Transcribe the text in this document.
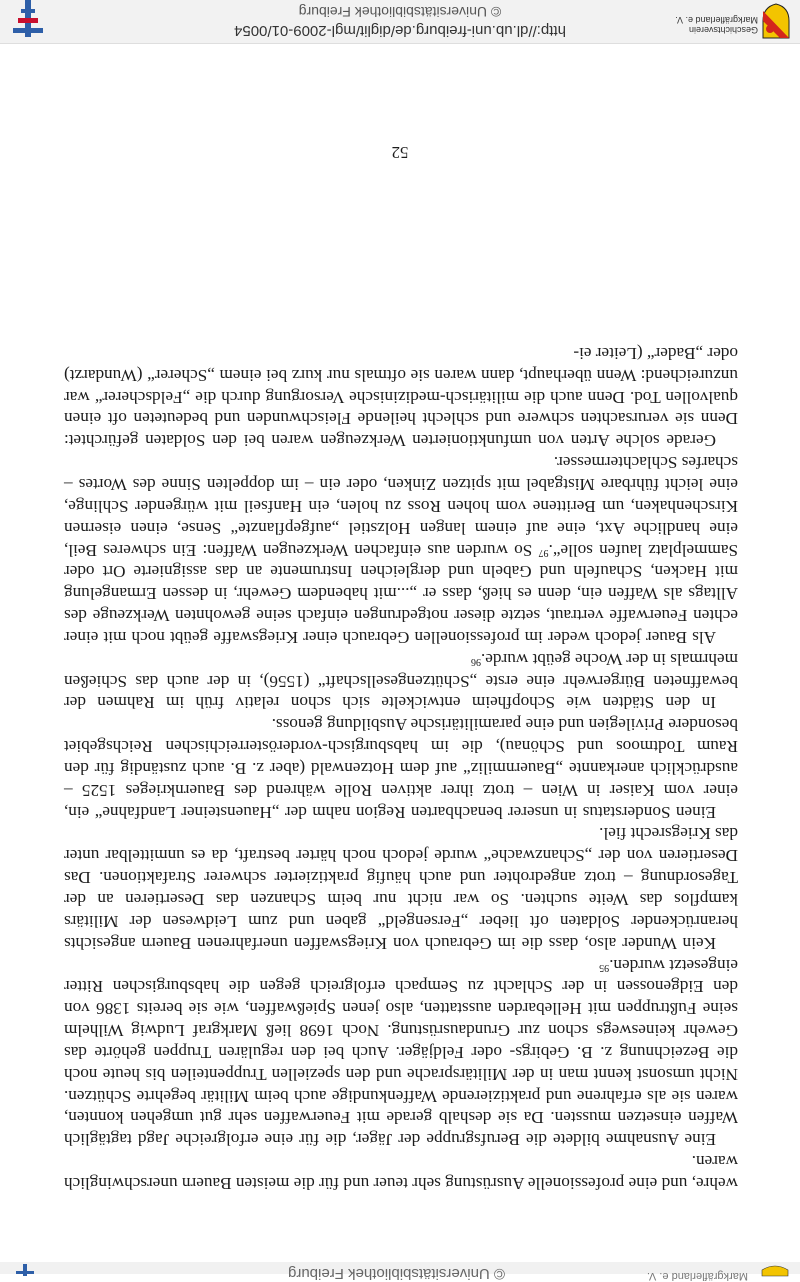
© Universitätsbibliothek Freiburg	Markgräflerland e. V.

wehre, und eine professionelle Ausrüstung sehr teuer und für die meisten Bauern unerschwinglich waren.

Eine Ausnahme bildete die Berufsgruppe der Jäger, die für eine erfolgreiche Jagd tagtäglich Waffen einsetzen mussten. Da sie deshalb gerade mit Feuerwaffen sehr gut umgehen konnten, waren sie als erfahrene und praktizierende Waffenkundige auch beim Militär begehrte Schützen. Nicht umsonst kennt man in der Militärsprache und den speziellen Truppenteilen bis heute noch die Bezeichnung z. B. Gebirgs- oder Feldjäger. Auch bei den regulären Truppen gehörte das Gewehr keineswegs schon zur Grundausrüstung. Noch 1698 ließ Markgraf Ludwig Wilhelm seine Fußtruppen mit Hellebarden ausstatten, also jenen Spießwaffen, wie sie bereits 1386 von den Eidgenossen in der Schlacht zu Sempach erfolgreich gegen die habsburgischen Ritter eingesetzt wurden.$^{95}$

Kein Wunder also, dass die im Gebrauch von Kriegswaffen unerfahrenen Bauern angesichts heranrückender Soldaten oft lieber „Fersengeld“ gaben und zum Leidwesen der Militärs kampflos das Weite suchten. So war nicht nur beim Schanzen das Desertieren an der Tagesordnung – trotz angedrohter und auch häufig praktizierter schwerer Strafaktionen. Das Desertieren von der „Schanzwache“ wurde jedoch noch härter bestraft, da es unmittelbar unter das Kriegsrecht fiel.

Einen Sonderstatus in unserer benachbarten Region nahm der „Hauensteiner Landfahne“ ein, einer vom Kaiser in Wien – trotz ihrer aktiven Rolle während des Bauernkrieges 1525 – ausdrücklich anerkannte „Bauernmiliz“ auf dem Hotzenwald (aber z. B. auch zuständig für den Raum Todtmoos und Schönau), die im habsburgisch-vorderösterreichischen Reichsgebiet besondere Privilegien und eine paramilitärische Ausbildung genoss.

In den Städten wie Schopfheim entwickelte sich schon relativ früh im Rahmen der bewaffneten Bürgerwehr eine erste „Schützengesellschaft“ (1556), in der auch das Schießen mehrmals in der Woche geübt wurde.$^{96}$

Als Bauer jedoch weder im professionellen Gebrauch einer Kriegswaffe geübt noch mit einer echten Feuerwaffe vertraut, setzte dieser notgedrungen einfach seine gewohnten Werkzeuge des Alltags als Waffen ein, denn es hieß, dass er „...mit habendem Gewehr, in dessen Ermangelung mit Hacken, Schaufeln und Gabeln und dergleichen Instrumente an das assignierte Ort oder Sammelplatz laufen solle“.$^{97}$ So wurden aus einfachen Werkzeugen Waffen: Ein schweres Beil, eine handliche Axt, eine auf einem langen Holzstiel „aufgepflanzte“ Sense, einen eisernen Kirschenhaken, um Berittene vom hohen Ross zu holen, ein Hanfseil mit würgender Schlinge, eine leicht führbare Mistgabel mit spitzen Zinken, oder ein – im doppelten Sinne des Wortes – scharfes Schlachtermesser.

Gerade solche Arten von umfunktionierten Werkzeugen waren bei den Soldaten gefürchtet: Denn sie verursachten schwere und schlecht heilende Fleischwunden und bedeuteten oft einen qualvollen Tod. Denn auch die militärisch-medizinische Versorgung durch die „Feldscherer“ war unzureichend: Wenn überhaupt, dann waren sie oftmals nur kurz bei einem „Scherer“ (Wundarzt) oder „Bader“ (Leiter ei-

52
http://dl.ub.uni-freiburg.de/diglit/mgl-2009-01/0054
© Universitätsbibliothek Freiburg
Geschichtsverein
Markgräflerland e. V.
